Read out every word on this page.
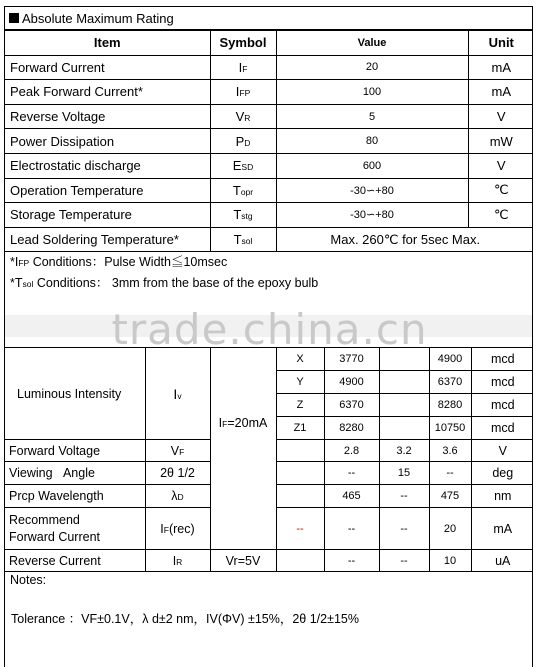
Absolute Maximum Rating
Item	Symbol	Value	Unit
Forward Current	IF	20	mA
Peak Forward Current*	IFP	100	mA
Reverse Voltage	VR	5	V
Power Dissipation	PD	80	mW
Electrostatic discharge	ESD	600	V
Operation Temperature	Topr	-30∽+80	℃
Storage Temperature	Tstg	-30∽+80	℃
Lead Soldering Temperature*	Tsol	Max. 260℃ for 5sec Max.	
*IFP Conditions：Pulse Width≦10msec
*Tsol Conditions： 3mm from the base of the epoxy bulb
trade.china.cn
Luminous Intensity	Iv	IF=20mA	X	3770		4900	mcd
			Y	4900		6370	mcd
			Z	6370		8280	mcd
			Z1	8280		10750	mcd
Forward Voltage	VF			2.8	3.2	3.6	V
Viewing   Angle	2θ 1/2			--	15	--	deg
Prcp Wavelength	λD			465	--	475	nm
Recommend
Forward Current	IF(rec)		--	--	--	20	mA
Reverse Current	IR	Vr=5V		--	--	10	uA
Notes:
Tolerance ：VF±0.1V，λ d±2 nm，IV(ΦV) ±15%，2θ 1/2±15%
